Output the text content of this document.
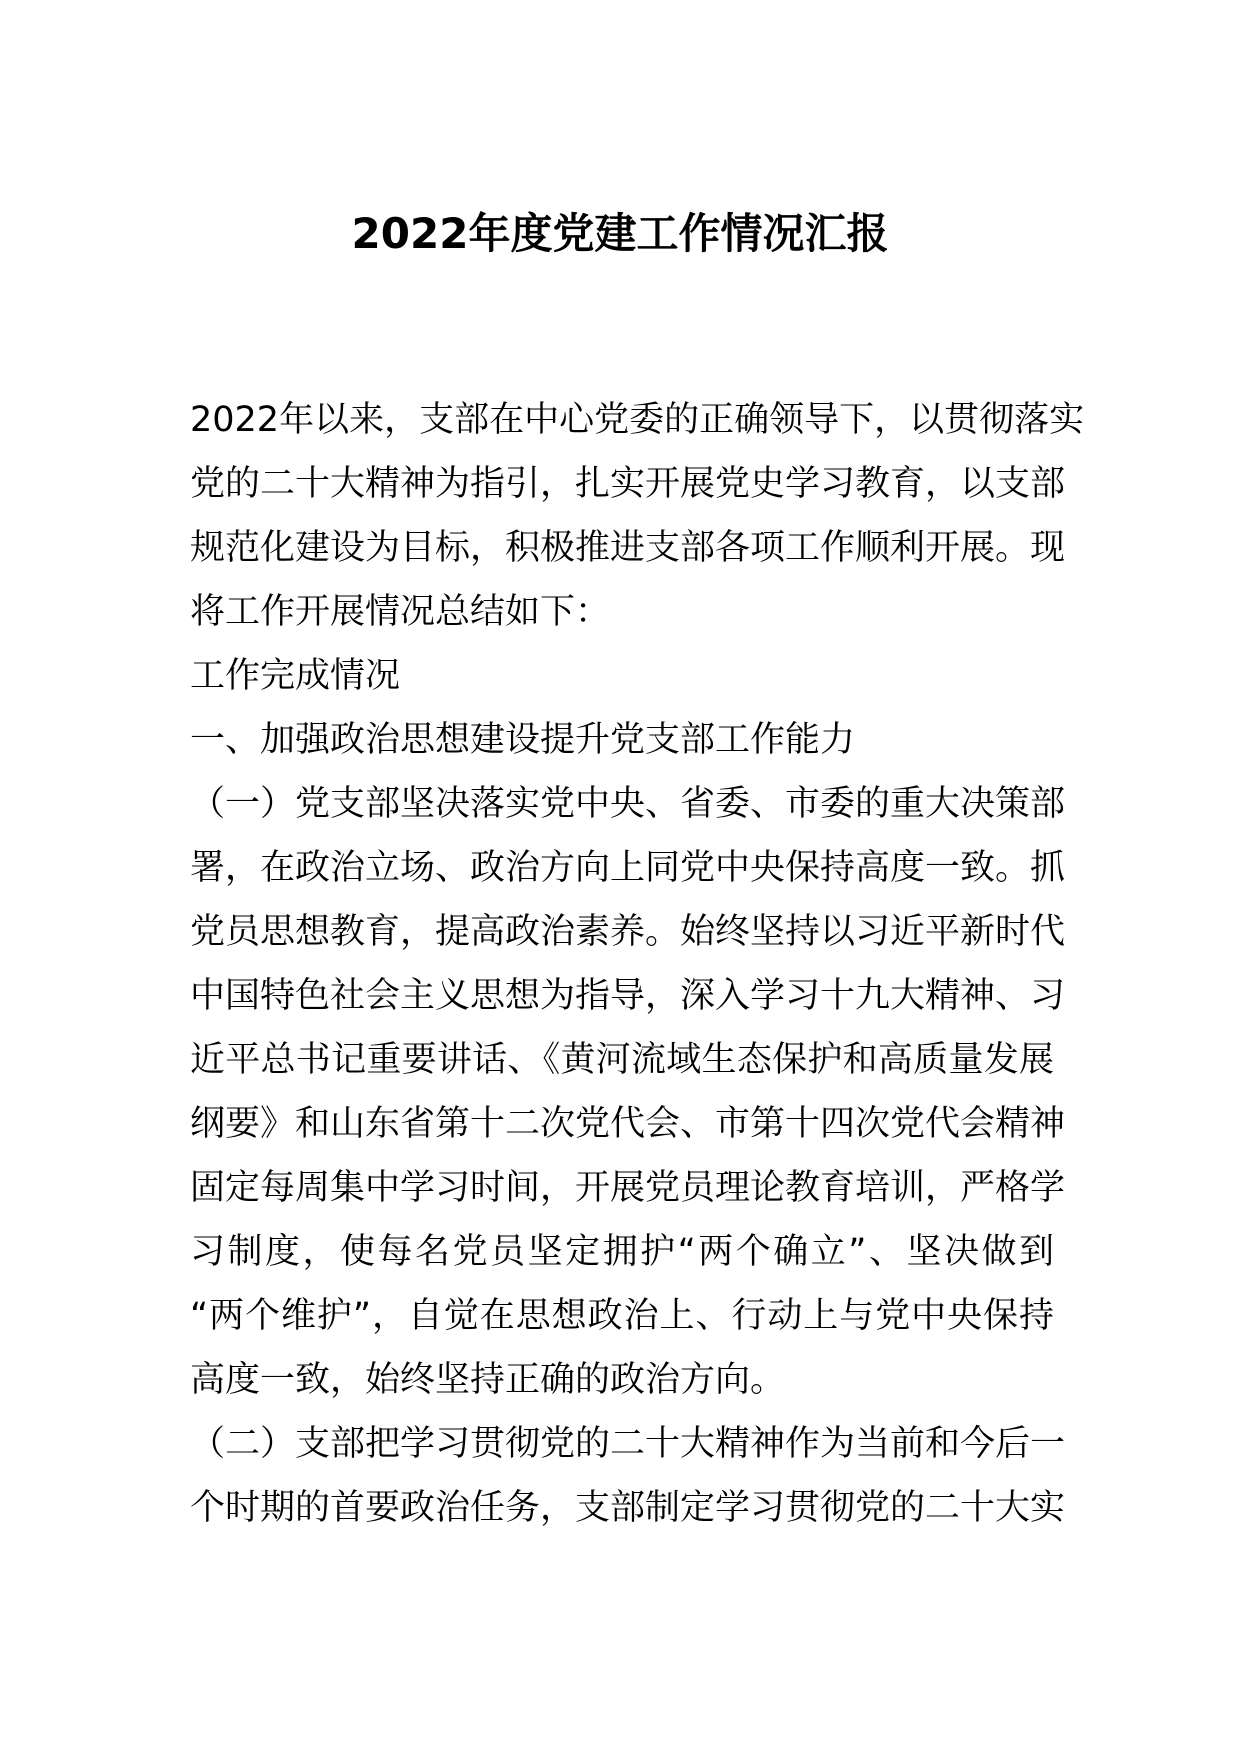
2022年度党建工作情况汇报
2022年以来，支部在中心党委的正确领导下，以贯彻落实
党的二十大精神为指引，扎实开展党史学习教育，以支部
规范化建设为目标，积极推进支部各项工作顺利开展。现
将工作开展情况总结如下：
工作完成情况
一、加强政治思想建设提升党支部工作能力
（一）党支部坚决落实党中央、省委、市委的重大决策部
署，在政治立场、政治方向上同党中央保持高度一致。抓
党员思想教育，提高政治素养。始终坚持以习近平新时代
中国特色社会主义思想为指导，深入学习十九大精神、习
近平总书记重要讲话、《黄河流域生态保护和高质量发展
纲要》和山东省第十二次党代会、市第十四次党代会精神
固定每周集中学习时间，开展党员理论教育培训，严格学
习制度，使每名党员坚定拥护“两个确立”、坚决做到
“两个维护”，自觉在思想政治上、行动上与党中央保持
高度一致，始终坚持正确的政治方向。
（二）支部把学习贯彻党的二十大精神作为当前和今后一
个时期的首要政治任务，支部制定学习贯彻党的二十大实
